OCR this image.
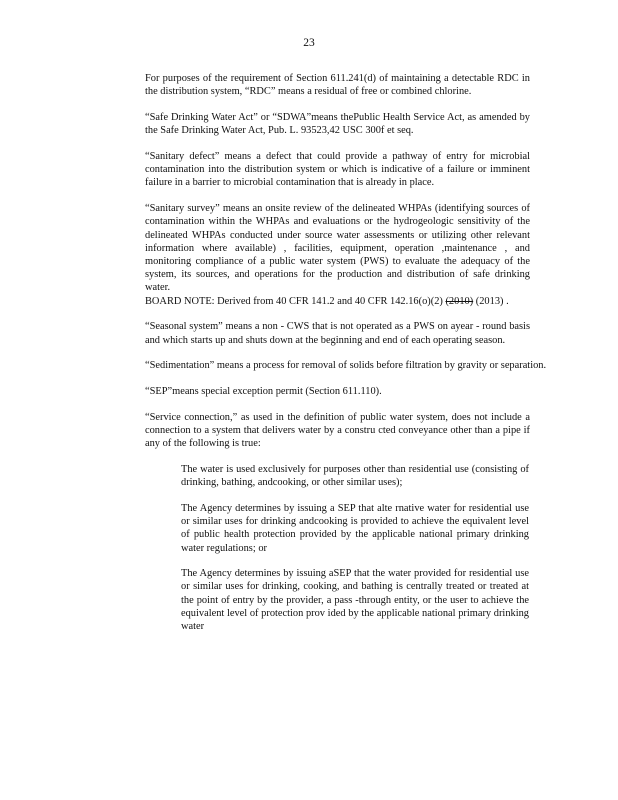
23

For purposes of the requirement of Section 611.241(d) of maintaining a detectable RDC in the distribution system, “RDC” means a residual of free or combined chlorine.

“Safe Drinking Water Act” or “SDWA”means thePublic Health Service Act, as amended by the Safe Drinking Water Act, Pub. L. 93523,42 USC 300f et seq.

“Sanitary defect” means a defect that could provide a pathway of entry for microbial contamination into the distribution system or which is indicative of a failure or imminent failure in a barrier to microbial contamination that is already in place.

“Sanitary survey” means an onsite review of the delineated WHPAs (identifying sources of contamination within the WHPAs and evaluations or the hydrogeologic sensitivity of the delineated WHPAs conducted under source water assessments or utilizing other relevant information where available) , facilities, equipment, operation ,maintenance , and monitoring compliance of a public water system (PWS) to evaluate the adequacy of the system, its sources, and operations for the production and distribution of safe drinking water.

BOARD NOTE: Derived from 40 CFR 141.2 and 40 CFR 142.16(o)(2) (2010) (2013) .

“Seasonal system” means a non - CWS that is not operated as a PWS on ayear - round basis and which starts up and shuts down at the beginning and end of each operating season.

“Sedimentation” means a process for removal of solids before filtration by gravity or separation.

“SEP”means special exception permit (Section 611.110).

“Service connection,” as used in the definition of public water system, does not include a connection to a system that delivers water by a constru cted conveyance other than a pipe if any of the following is true:

The water is used exclusively for purposes other than residential use (consisting of drinking, bathing, andcooking, or other similar uses);

The Agency determines by issuing a SEP that alte rnative water for residential use or similar uses for drinking andcooking is provided to achieve the equivalent level of public health protection provided by the applicable national primary drinking water regulations; or

The Agency determines by issuing aSEP that the water provided for residential use or similar uses for drinking, cooking, and bathing is centrally treated or treated at the point of entry by the provider, a pass -through entity, or the user to achieve the equivalent level of protection prov ided by the applicable national primary drinking water
